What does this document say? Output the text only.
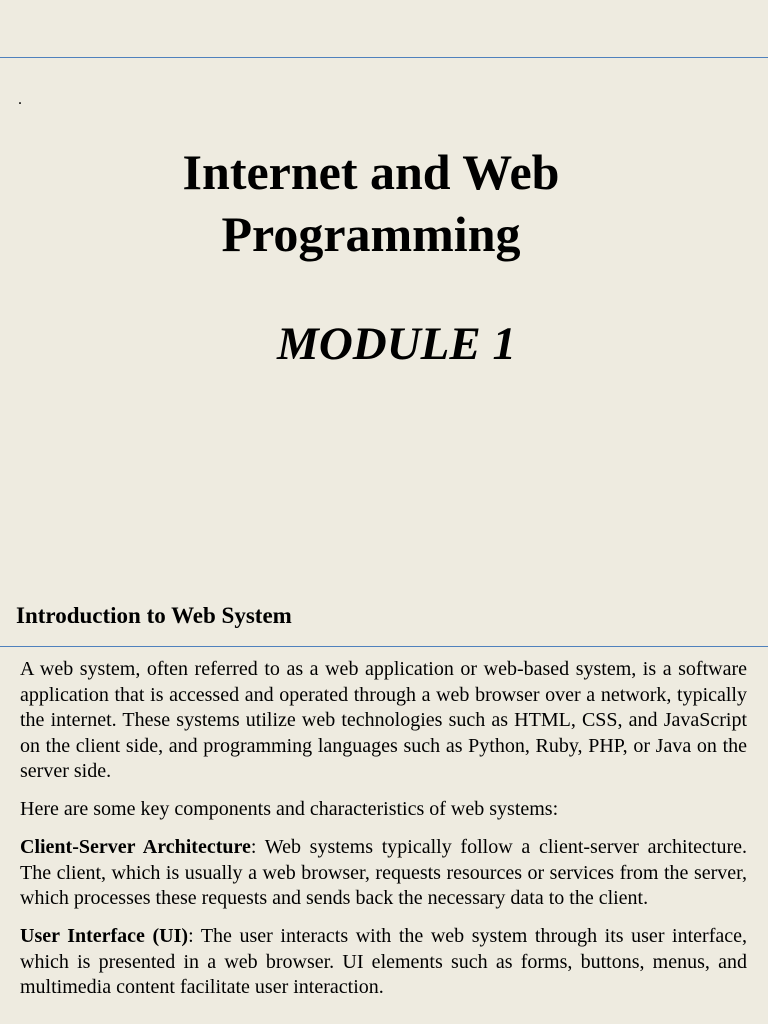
.
Internet and Web
Programming
MODULE 1
Introduction to Web System

A web system, often referred to as a web application or web-based system, is a software application that is accessed and operated through a web browser over a network, typically the internet. These systems utilize web technologies such as HTML, CSS, and JavaScript on the client side, and programming languages such as Python, Ruby, PHP, or Java on the server side.

Here are some key components and characteristics of web systems:

Client-Server Architecture: Web systems typically follow a client-server architecture. The client, which is usually a web browser, requests resources or services from the server, which processes these requests and sends back the necessary data to the client.

User Interface (UI): The user interacts with the web system through its user interface, which is presented in a web browser. UI elements such as forms, buttons, menus, and multimedia content facilitate user interaction.
